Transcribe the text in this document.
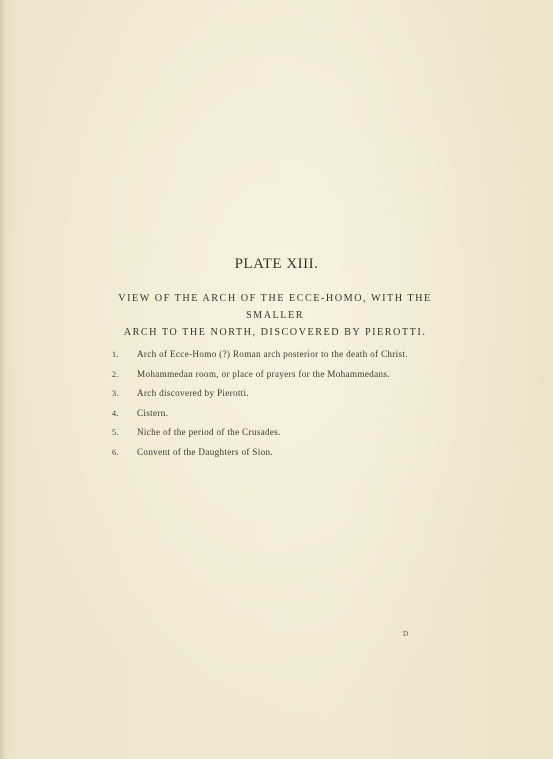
PLATE XIII.
VIEW OF THE ARCH OF THE ECCE-HOMO, WITH THE SMALLER
ARCH TO THE NORTH, DISCOVERED BY PIEROTTI.
1.	Arch of Ecce-Homo (?) Roman arch posterior to the death of Christ.
2.	Mohammedan room, or place of prayers for the Mohammedans.
3.	Arch discovered by Pierotti.
4.	Cistern.
5.	Niche of the period of the Crusades.
6.	Convent of the Daughters of Sion.
D
